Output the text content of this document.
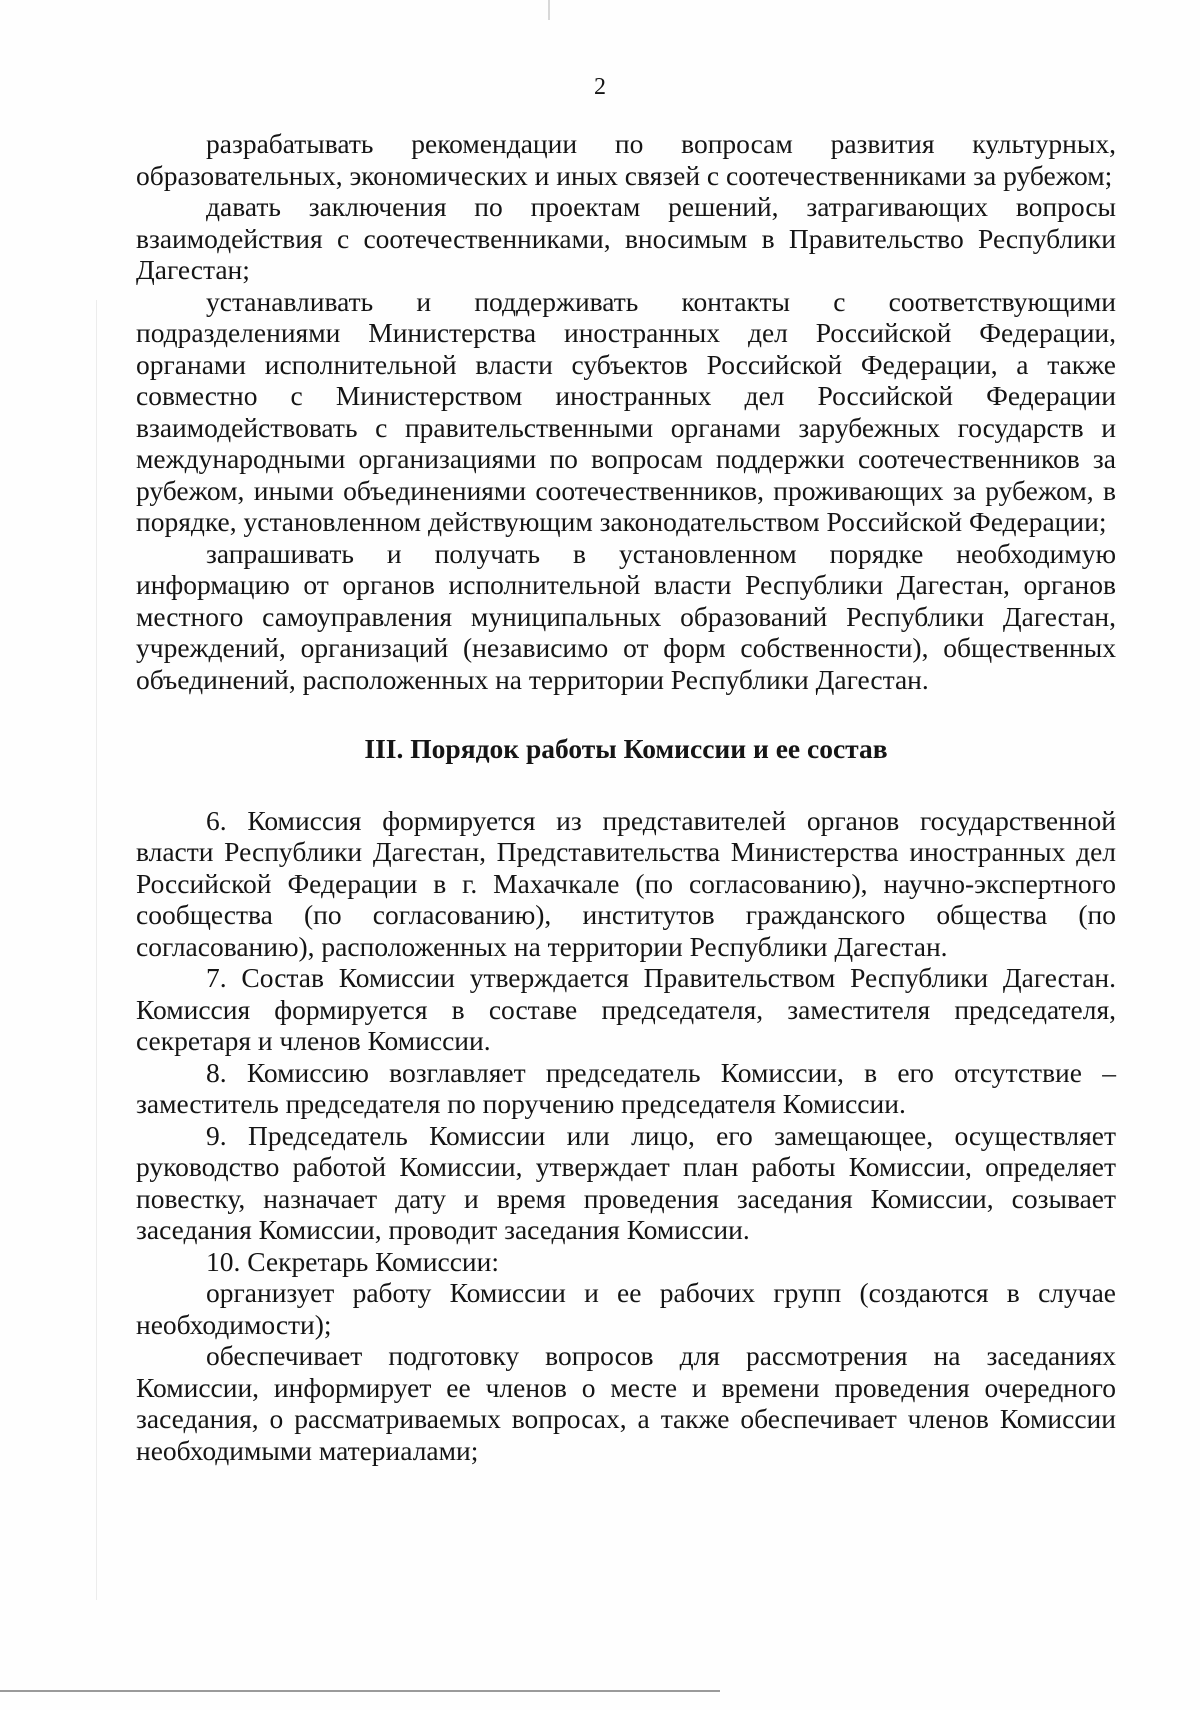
2

разрабатывать рекомендации по вопросам развития культурных, образовательных, экономических и иных связей с соотечественниками за рубежом;

давать заключения по проектам решений, затрагивающих вопросы взаимодействия с соотечественниками, вносимым в Правительство Республики Дагестан;

устанавливать и поддерживать контакты с соответствующими подразделениями Министерства иностранных дел Российской Федерации, органами исполнительной власти субъектов Российской Федерации, а также совместно с Министерством иностранных дел Российской Федерации взаимодействовать с правительственными органами зарубежных государств и международными организациями по вопросам поддержки соотечественников за рубежом, иными объединениями соотечественников, проживающих за рубежом, в порядке, установленном действующим законодательством Российской Федерации;

запрашивать и получать в установленном порядке необходимую информацию от органов исполнительной власти Республики Дагестан, органов местного самоуправления муниципальных образований Республики Дагестан, учреждений, организаций (независимо от форм собственности), общественных объединений, расположенных на территории Республики Дагестан.

III. Порядок работы Комиссии и ее состав

6. Комиссия формируется из представителей органов государственной власти Республики Дагестан, Представительства Министерства иностранных дел Российской Федерации в г. Махачкале (по согласованию), научно-экспертного сообщества (по согласованию), институтов гражданского общества (по согласованию), расположенных на территории Республики Дагестан.

7. Состав Комиссии утверждается Правительством Республики Дагестан. Комиссия формируется в составе председателя, заместителя председателя, секретаря и членов Комиссии.

8. Комиссию возглавляет председатель Комиссии, в его отсутствие – заместитель председателя по поручению председателя Комиссии.

9. Председатель Комиссии или лицо, его замещающее, осуществляет руководство работой Комиссии, утверждает план работы Комиссии, определяет повестку, назначает дату и время проведения заседания Комиссии, созывает заседания Комиссии, проводит заседания Комиссии.

10. Секретарь Комиссии:

организует работу Комиссии и ее рабочих групп (создаются в случае необходимости);

обеспечивает подготовку вопросов для рассмотрения на заседаниях Комиссии, информирует ее членов о месте и времени проведения очередного заседания, о рассматриваемых вопросах, а также обеспечивает членов Комиссии необходимыми материалами;
